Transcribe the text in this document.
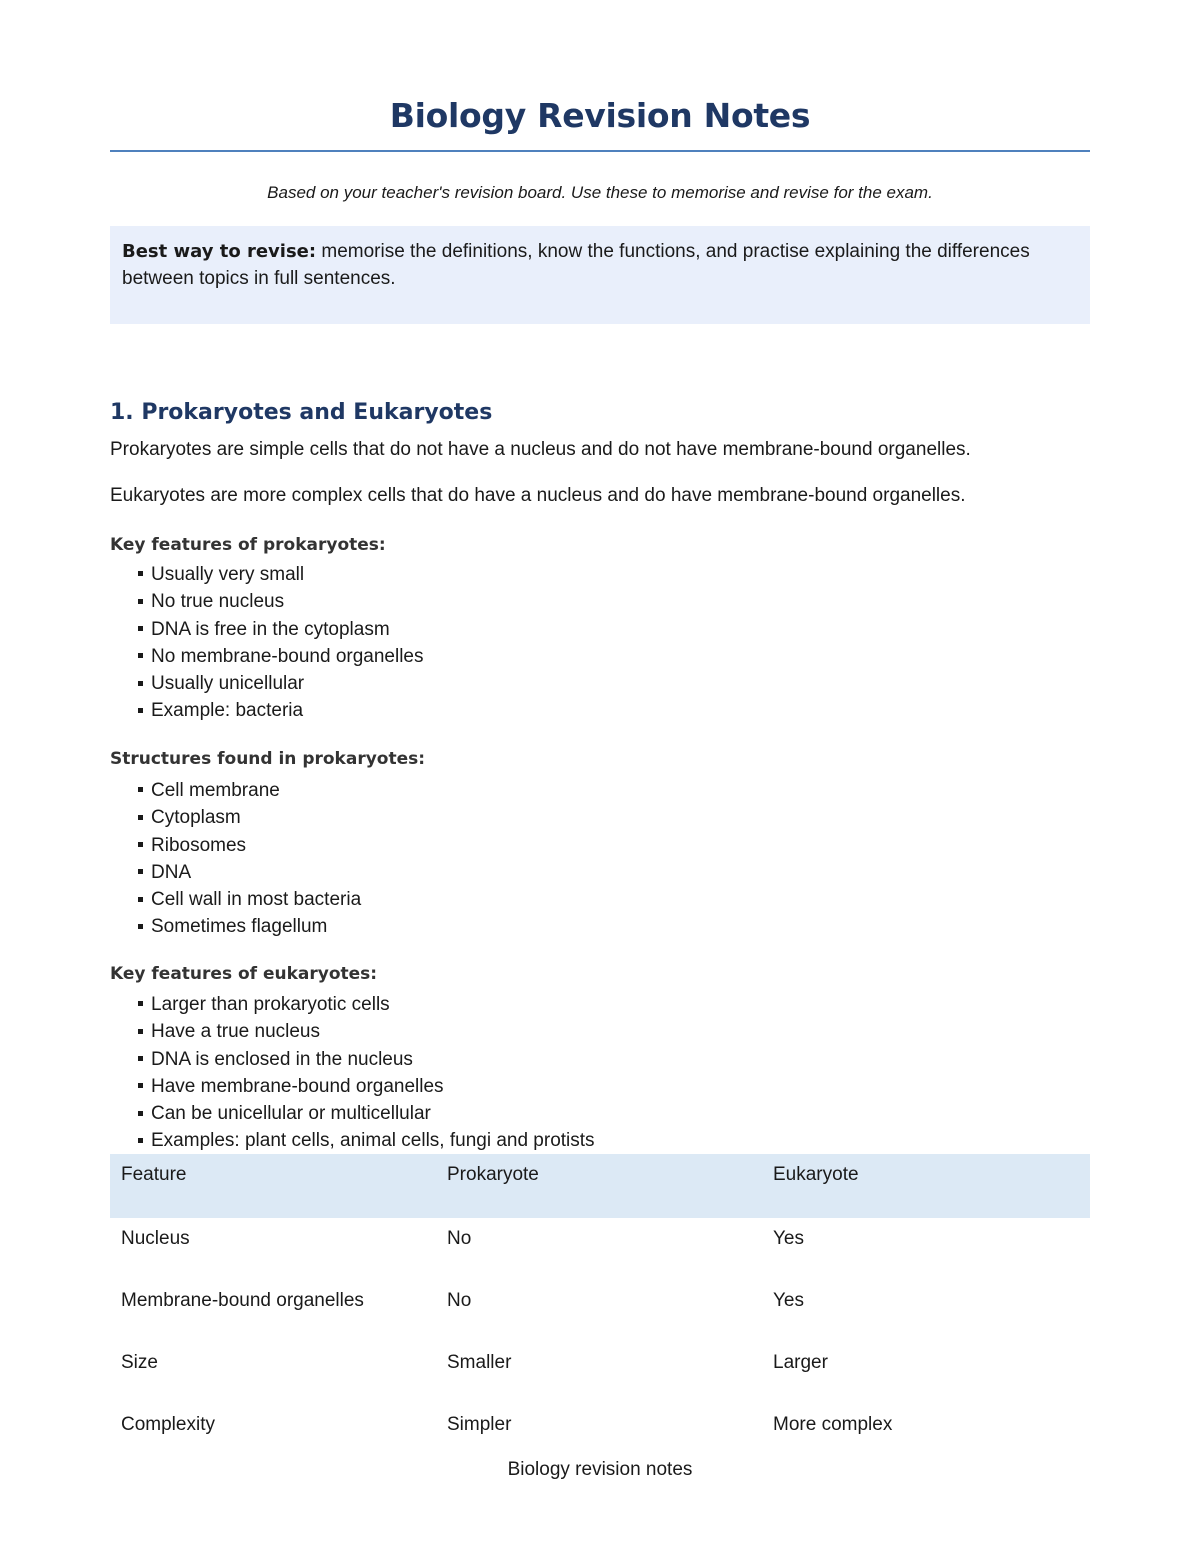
Biology Revision Notes
Based on your teacher's revision board. Use these to memorise and revise for the exam.
Best way to revise: memorise the definitions, know the functions, and practise explaining the differences between topics in full sentences.
1. Prokaryotes and Eukaryotes

Prokaryotes are simple cells that do not have a nucleus and do not have membrane-bound organelles.

Eukaryotes are more complex cells that do have a nucleus and do have membrane-bound organelles.

Key features of prokaryotes:
Usually very small
No true nucleus
DNA is free in the cytoplasm
No membrane-bound organelles
Usually unicellular
Example: bacteria
Structures found in prokaryotes:
Cell membrane
Cytoplasm
Ribosomes
DNA
Cell wall in most bacteria
Sometimes flagellum
Key features of eukaryotes:
Larger than prokaryotic cells
Have a true nucleus
DNA is enclosed in the nucleus
Have membrane-bound organelles
Can be unicellular or multicellular
Examples: plant cells, animal cells, fungi and protists
Feature	Prokaryote	Eukaryote
Nucleus	No	Yes
Membrane-bound organelles	No	Yes
Size	Smaller	Larger
Complexity	Simpler	More complex
Biology revision notes
